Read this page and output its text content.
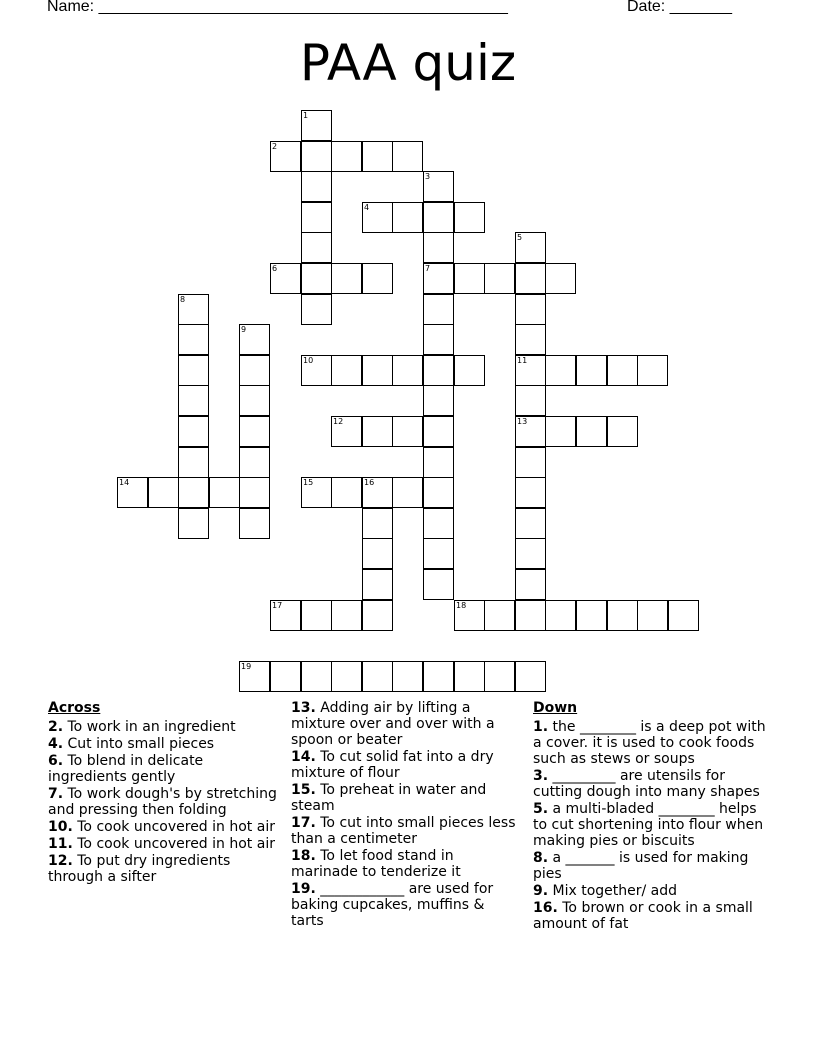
Name: ______________________________________________	Date: _______
PAA quiz
1
2
3
7
4
5
11
13
6
8
9
10
12
14	15	16
17	18
19
Across
2. To work in an ingredient
4. Cut into small pieces
6. To blend in delicate ingredients gently
7. To work dough's by stretching and pressing then folding
10. To cook uncovered in hot air
11. To cook uncovered in hot air
12. To put dry ingredients through a sifter
13. Adding air by lifting a mixture over and over with a spoon or beater
14. To cut solid fat into a dry mixture of flour
15. To preheat in water and steam
17. To cut into small pieces less than a centimeter
18. To let food stand in marinade to tenderize it
19. ____________ are used for baking cupcakes, muffins & tarts
Down
1. the ________ is a deep pot with a cover. it is used to cook foods such as stews or soups
3. _________ are utensils for cutting dough into many shapes
5. a multi-bladed ________ helps to cut shortening into flour when making pies or biscuits
8. a _______ is used for making pies
9. Mix together/ add
16. To brown or cook in a small amount of fat
